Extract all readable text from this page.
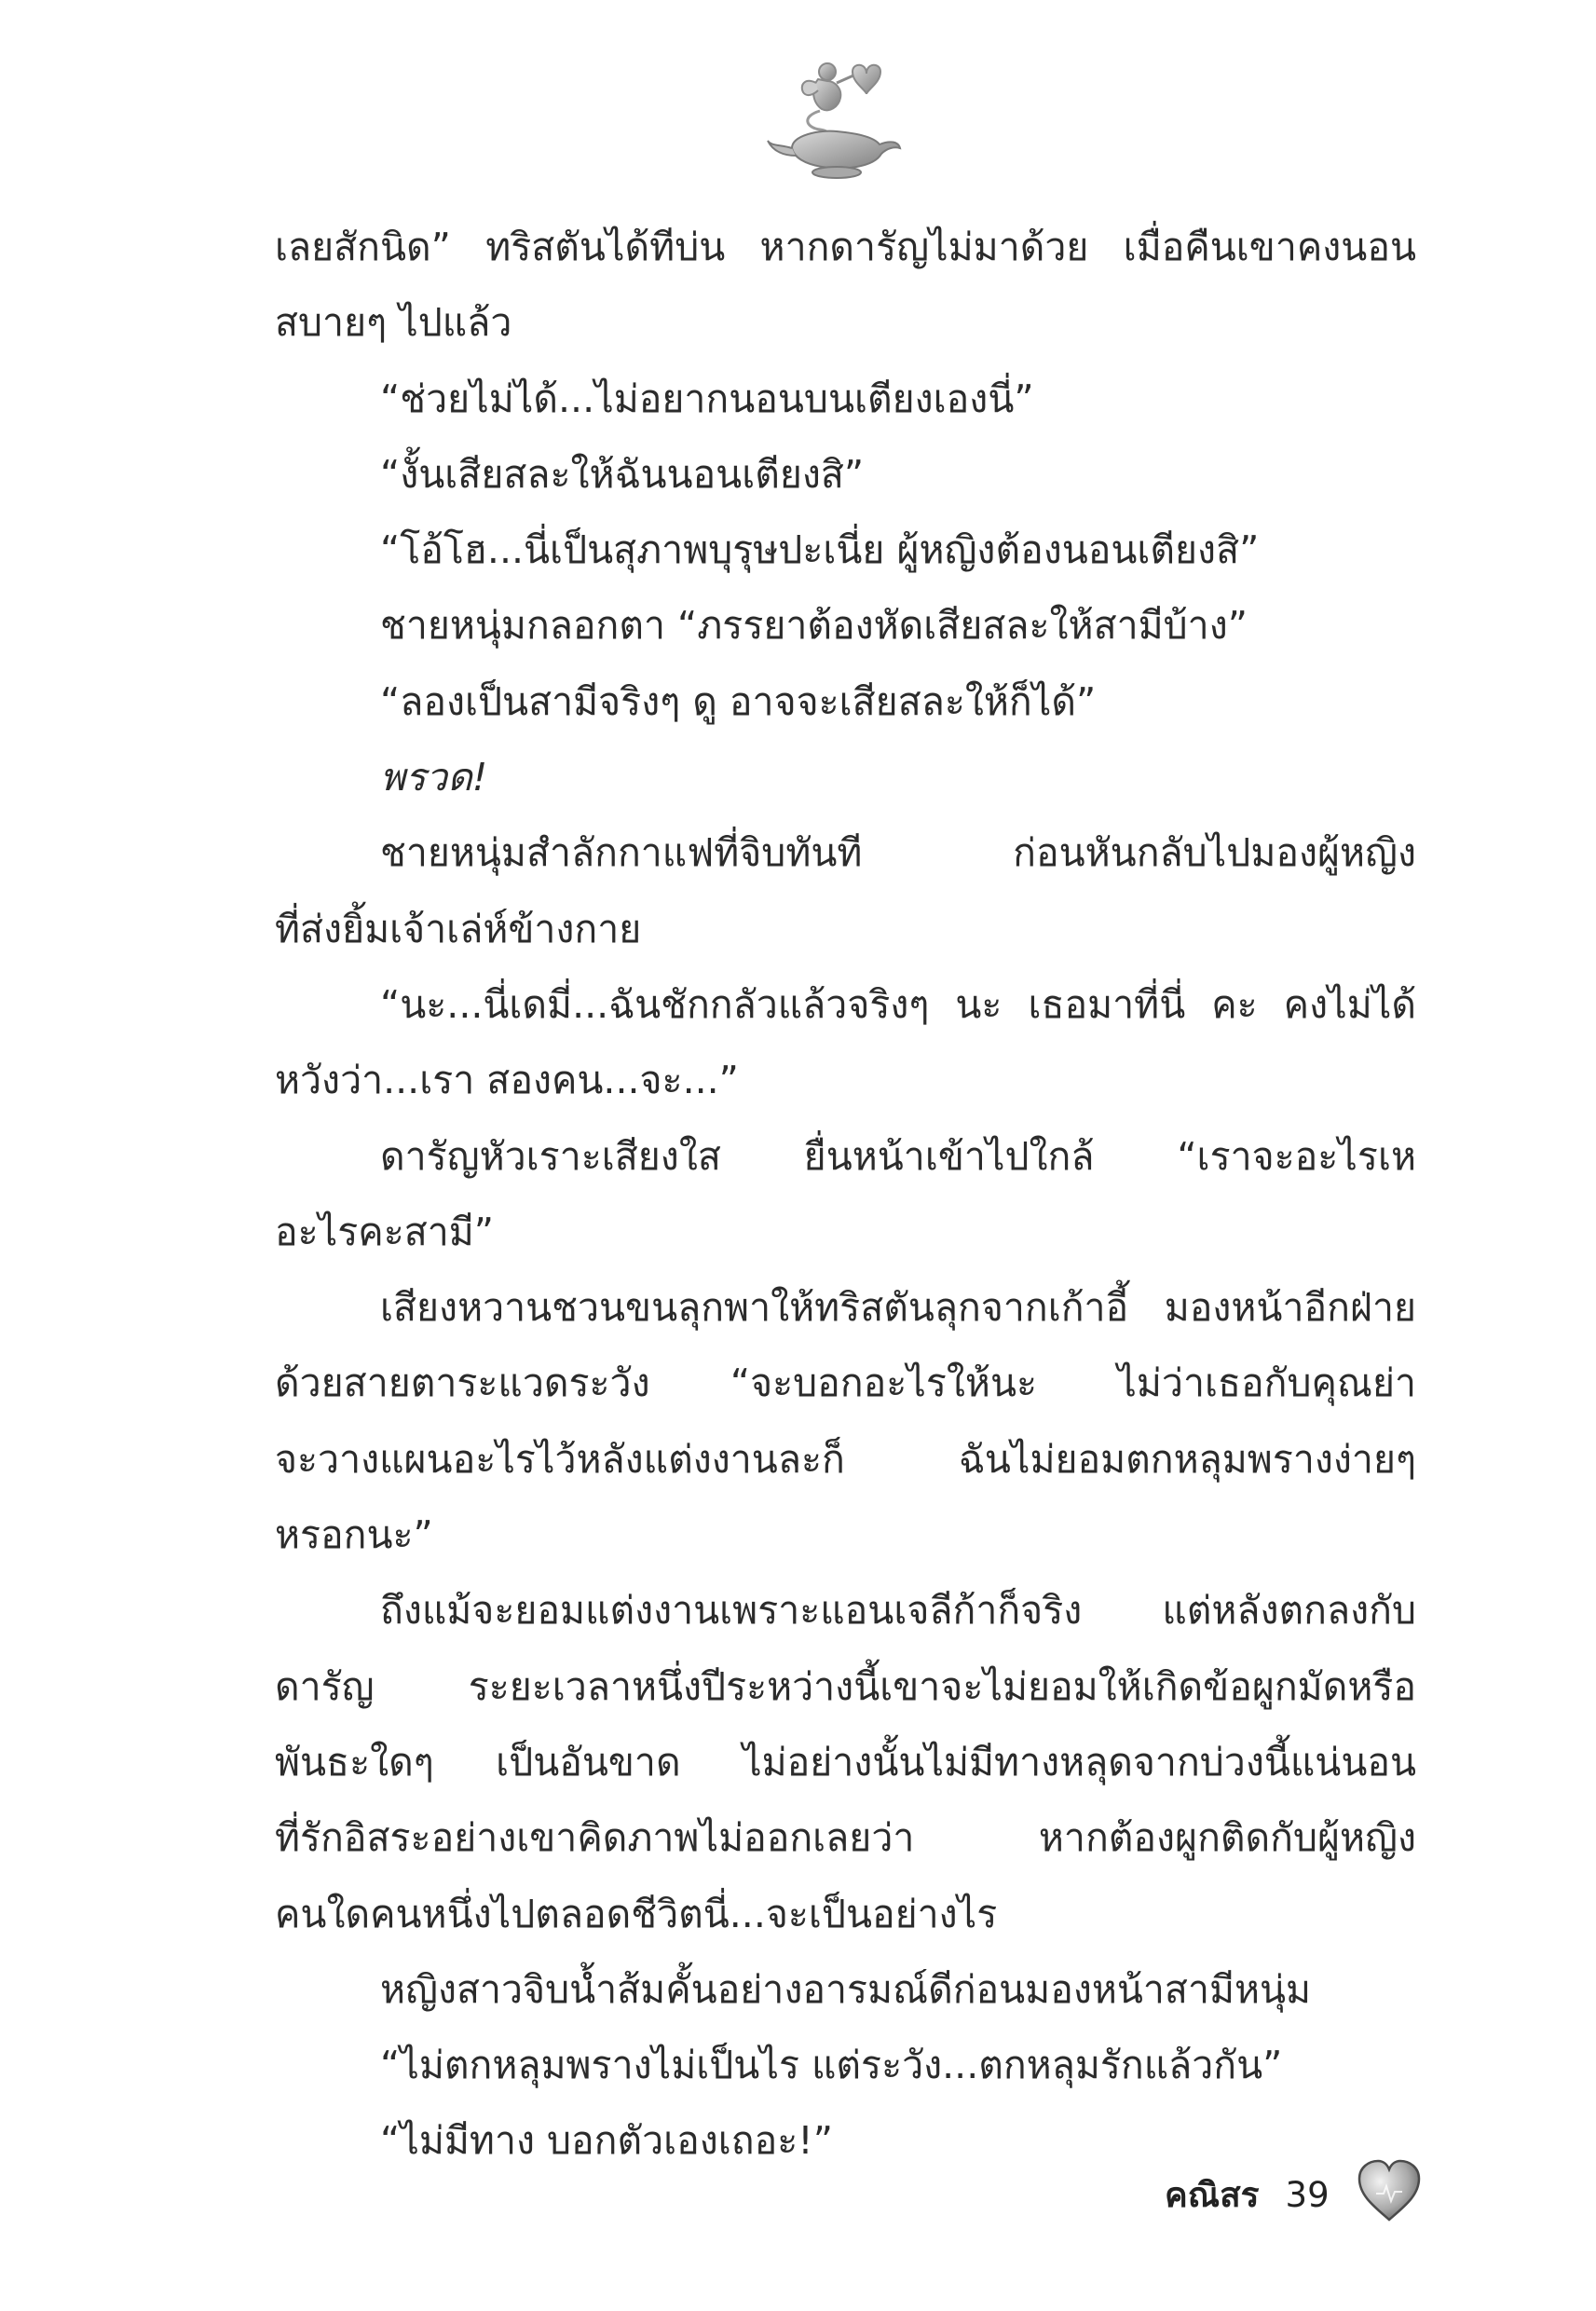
เลยสักนิด” ทริสตันได้ทีบ่น หากดารัญไม่มาด้วย เมื่อคืนเขาคงนอน
สบายๆ ไปแล้ว
“ช่วยไม่ได้...ไม่อยากนอนบนเตียงเองนี่”
“งั้นเสียสละให้ฉันนอนเตียงสิ”
“โอ้โฮ...นี่เป็นสุภาพบุรุษปะเนี่ย ผู้หญิงต้องนอนเตียงสิ”
ชายหนุ่มกลอกตา “ภรรยาต้องหัดเสียสละให้สามีบ้าง”
“ลองเป็นสามีจริงๆ ดู อาจจะเสียสละให้ก็ได้”
พรวด!
ชายหนุ่มสำลักกาแฟที่จิบทันที ก่อนหันกลับไปมองผู้หญิง
ที่ส่งยิ้มเจ้าเล่ห์ข้างกาย
“นะ...นี่เดมี่...ฉันชักกลัวแล้วจริงๆ นะ เธอมาที่นี่ คะ คงไม่ได้
หวังว่า...เรา สองคน...จะ...”
ดารัญหัวเราะเสียงใส ยื่นหน้าเข้าไปใกล้ “เราจะอะไรเห
อะไรคะสามี”
เสียงหวานชวนขนลุกพาให้ทริสตันลุกจากเก้าอี้ มองหน้าอีกฝ่าย
ด้วยสายตาระแวดระวัง “จะบอกอะไรให้นะ ไม่ว่าเธอกับคุณย่า
จะวางแผนอะไรไว้หลังแต่งงานละก็ ฉันไม่ยอมตกหลุมพรางง่ายๆ
หรอกนะ”
ถึงแม้จะยอมแต่งงานเพราะแอนเจลีก้าก็จริง แต่หลังตกลงกับ
ดารัญ ระยะเวลาหนึ่งปีระหว่างนี้เขาจะไม่ยอมให้เกิดข้อผูกมัดหรือ
พันธะใดๆ เป็นอันขาด ไม่อย่างนั้นไม่มีทางหลุดจากบ่วงนี้แน่นอน
ที่รักอิสระอย่างเขาคิดภาพไม่ออกเลยว่า หากต้องผูกติดกับผู้หญิง
คนใดคนหนึ่งไปตลอดชีวิตนี่...จะเป็นอย่างไร
หญิงสาวจิบน้ำส้มคั้นอย่างอารมณ์ดีก่อนมองหน้าสามีหนุ่ม
“ไม่ตกหลุมพรางไม่เป็นไร แต่ระวัง...ตกหลุมรักแล้วกัน”
“ไม่มีทาง บอกตัวเองเถอะ!”
คณิสร 39
